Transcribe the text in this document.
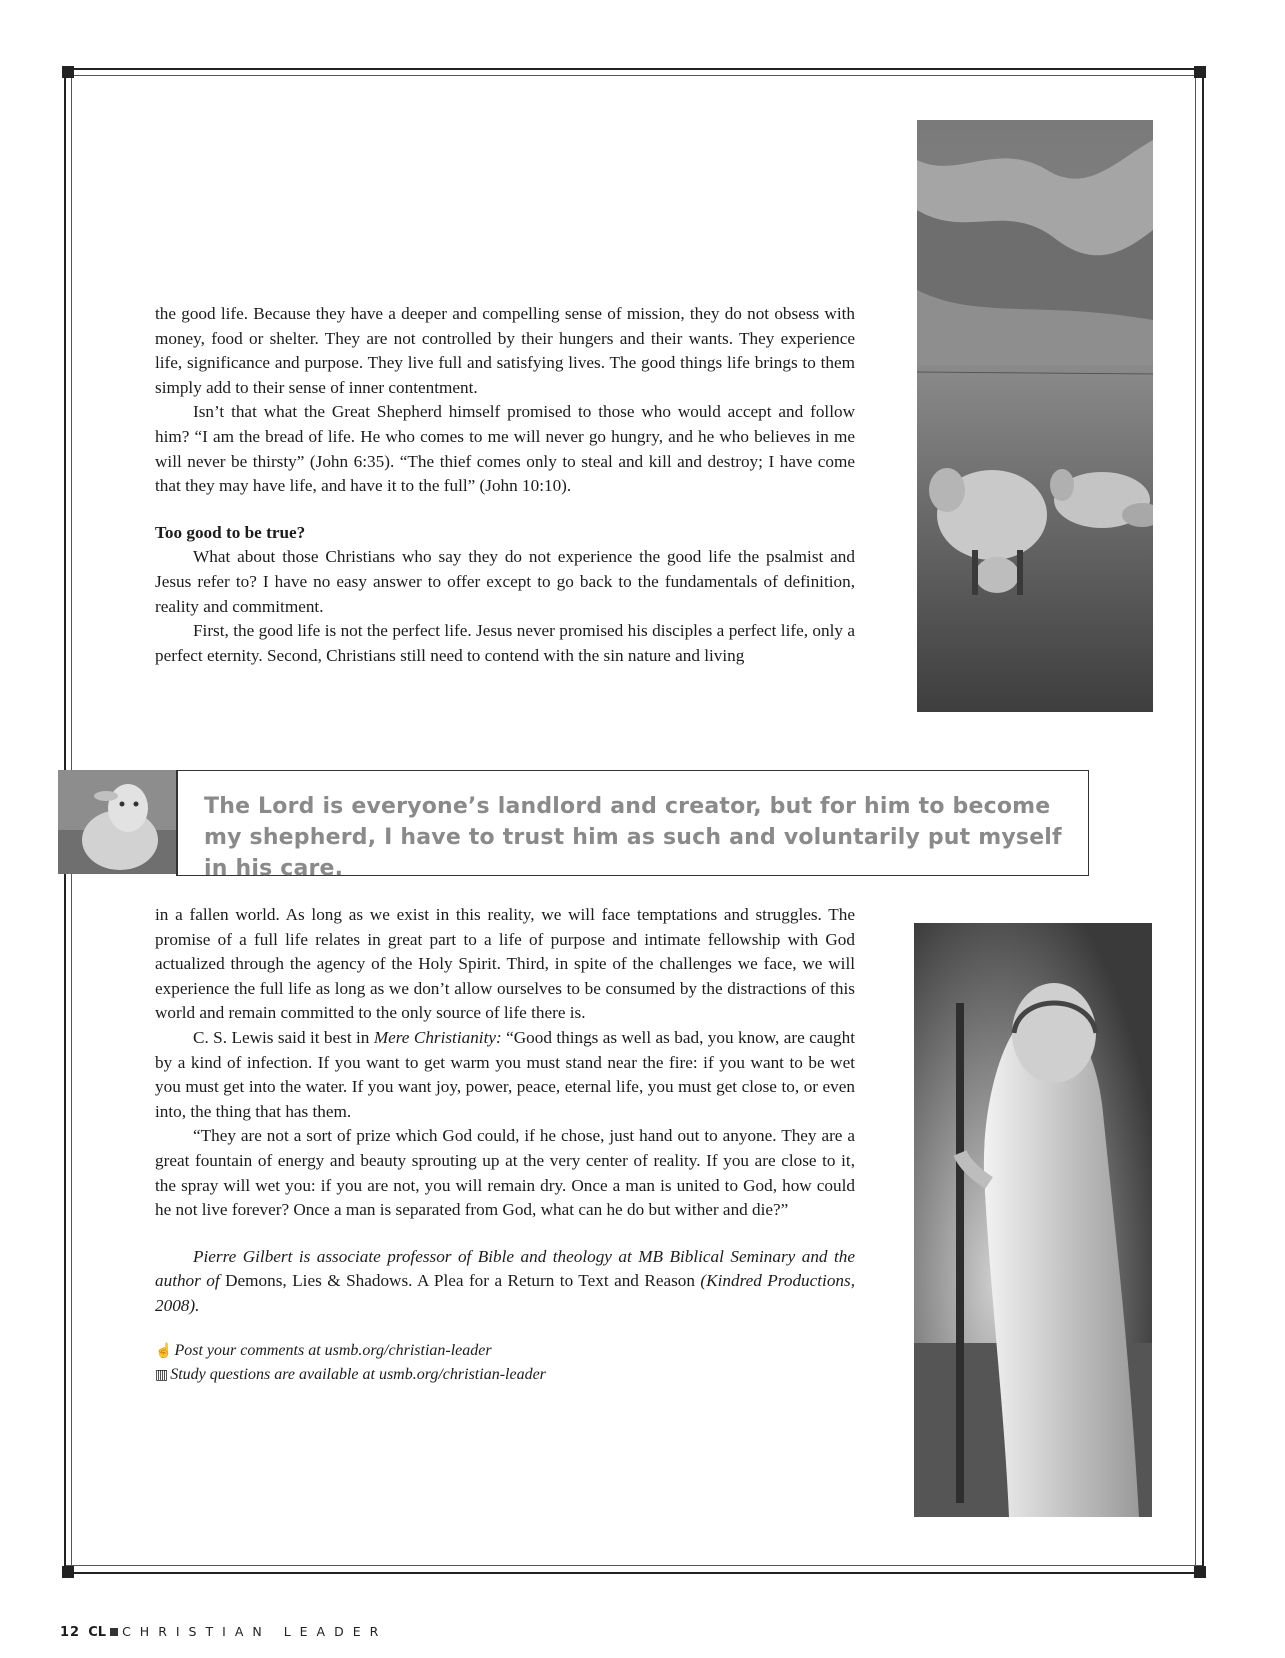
the good life. Because they have a deeper and compelling sense of mission, they do not obsess with money, food or shelter. They are not controlled by their hungers and their wants. They experience life, significance and purpose. They live full and satisfying lives. The good things life brings to them simply add to their sense of inner contentment.

Isn’t that what the Great Shepherd himself promised to those who would accept and follow him? “I am the bread of life. He who comes to me will never go hungry, and he who believes in me will never be thirsty” (John 6:35). “The thief comes only to steal and kill and destroy; I have come that they may have life, and have it to the full” (John 10:10).

Too good to be true?

What about those Christians who say they do not experience the good life the psalmist and Jesus refer to? I have no easy answer to offer except to go back to the fundamentals of definition, reality and commitment.

First, the good life is not the perfect life. Jesus never promised his disciples a perfect life, only a perfect eternity. Second, Christians still need to contend with the sin nature and living

The Lord is everyone’s landlord and creator, but for him to become my shepherd, I have to trust him as such and voluntarily put myself in his care.

in a fallen world. As long as we exist in this reality, we will face temptations and struggles. The promise of a full life relates in great part to a life of purpose and intimate fellowship with God actualized through the agency of the Holy Spirit. Third, in spite of the challenges we face, we will experience the full life as long as we don’t allow ourselves to be consumed by the distractions of this world and remain committed to the only source of life there is.

C. S. Lewis said it best in Mere Christianity: “Good things as well as bad, you know, are caught by a kind of infection. If you want to get warm you must stand near the fire: if you want to be wet you must get into the water. If you want joy, power, peace, eternal life, you must get close to, or even into, the thing that has them.

“They are not a sort of prize which God could, if he chose, just hand out to anyone. They are a great fountain of energy and beauty sprouting up at the very center of reality. If you are close to it, the spray will wet you: if you are not, you will remain dry. Once a man is united to God, how could he not live forever? Once a man is separated from God, what can he do but wither and die?”

Pierre Gilbert is associate professor of Bible and theology at MB Biblical Seminary and the author of Demons, Lies & Shadows. A Plea for a Return to Text and Reason (Kindred Productions, 2008).

☝ Post your comments at usmb.org/christian-leader
▥ Study questions are available at usmb.org/christian-leader
12 CL CHRISTIAN LEADER
